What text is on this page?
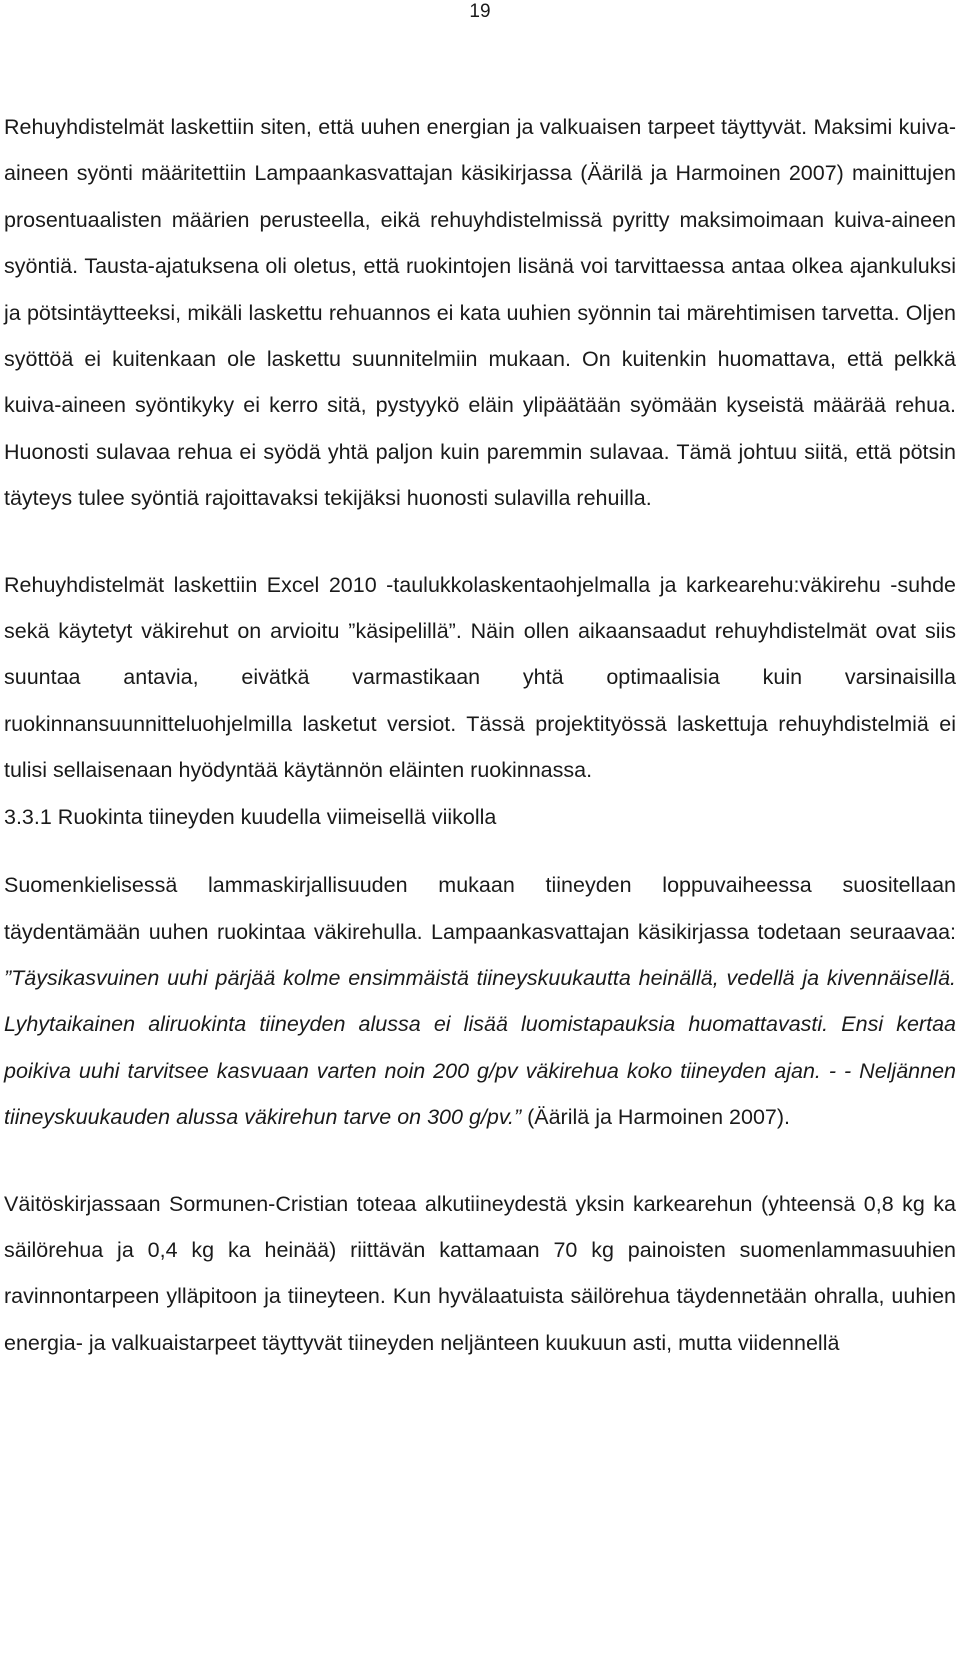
19

Rehuyhdistelmät laskettiin siten, että uuhen energian ja valkuaisen tarpeet täyttyvät. Maksimi kuiva-aineen syönti määritettiin Lampaankasvattajan käsikirjassa (Äärilä ja Harmoinen 2007) mainittujen prosentuaalisten määrien perusteella, eikä rehuyhdistelmissä pyritty maksimoimaan kuiva-aineen syöntiä. Tausta-ajatuksena oli oletus, että ruokintojen lisänä voi tarvittaessa antaa olkea ajankuluksi ja pötsintäytteeksi, mikäli laskettu rehuannos ei kata uuhien syönnin tai märehtimisen tarvetta. Oljen syöttöä ei kuitenkaan ole laskettu suunnitelmiin mukaan. On kuitenkin huomattava, että pelkkä kuiva-aineen syöntikyky ei kerro sitä, pystyykö eläin ylipäätään syömään kyseistä määrää rehua. Huonosti sulavaa rehua ei syödä yhtä paljon kuin paremmin sulavaa. Tämä johtuu siitä, että pötsin täyteys tulee syöntiä rajoittavaksi tekijäksi huonosti sulavilla rehuilla.

Rehuyhdistelmät laskettiin Excel 2010 -taulukkolaskentaohjelmalla ja karkearehu:väkirehu -suhde sekä käytetyt väkirehut on arvioitu ”käsipelillä”. Näin ollen aikaansaadut rehuyhdistelmät ovat siis suuntaa antavia, eivätkä varmastikaan yhtä optimaalisia kuin varsinaisilla ruokinnansuunnitteluohjelmilla lasketut versiot. Tässä projektityössä laskettuja rehuyhdistelmiä ei tulisi sellaisenaan hyödyntää käytännön eläinten ruokinnassa.

3.3.1 Ruokinta tiineyden kuudella viimeisellä viikolla

Suomenkielisessä lammaskirjallisuuden mukaan tiineyden loppuvaiheessa suositellaan täydentämään uuhen ruokintaa väkirehulla. Lampaankasvattajan käsikirjassa todetaan seuraavaa: ”Täysikasvuinen uuhi pärjää kolme ensimmäistä tiineyskuukautta heinällä, vedellä ja kivennäisellä. Lyhytaikainen aliruokinta tiineyden alussa ei lisää luomistapauksia huomattavasti. Ensi kertaa poikiva uuhi tarvitsee kasvuaan varten noin 200 g/pv väkirehua koko tiineyden ajan. - - Neljännen tiineyskuukauden alussa väkirehun tarve on 300 g/pv.” (Äärilä ja Harmoinen 2007).

Väitöskirjassaan Sormunen-Cristian toteaa alkutiineydestä yksin karkearehun (yhteensä 0,8 kg ka säilörehua ja 0,4 kg ka heinää) riittävän kattamaan 70 kg painoisten suomenlammasuuhien ravinnontarpeen ylläpitoon ja tiineyteen. Kun hyvälaatuista säilörehua täydennetään ohralla, uuhien energia- ja valkuaistarpeet täyttyvät tiineyden neljänteen kuukuun asti, mutta viidennellä
